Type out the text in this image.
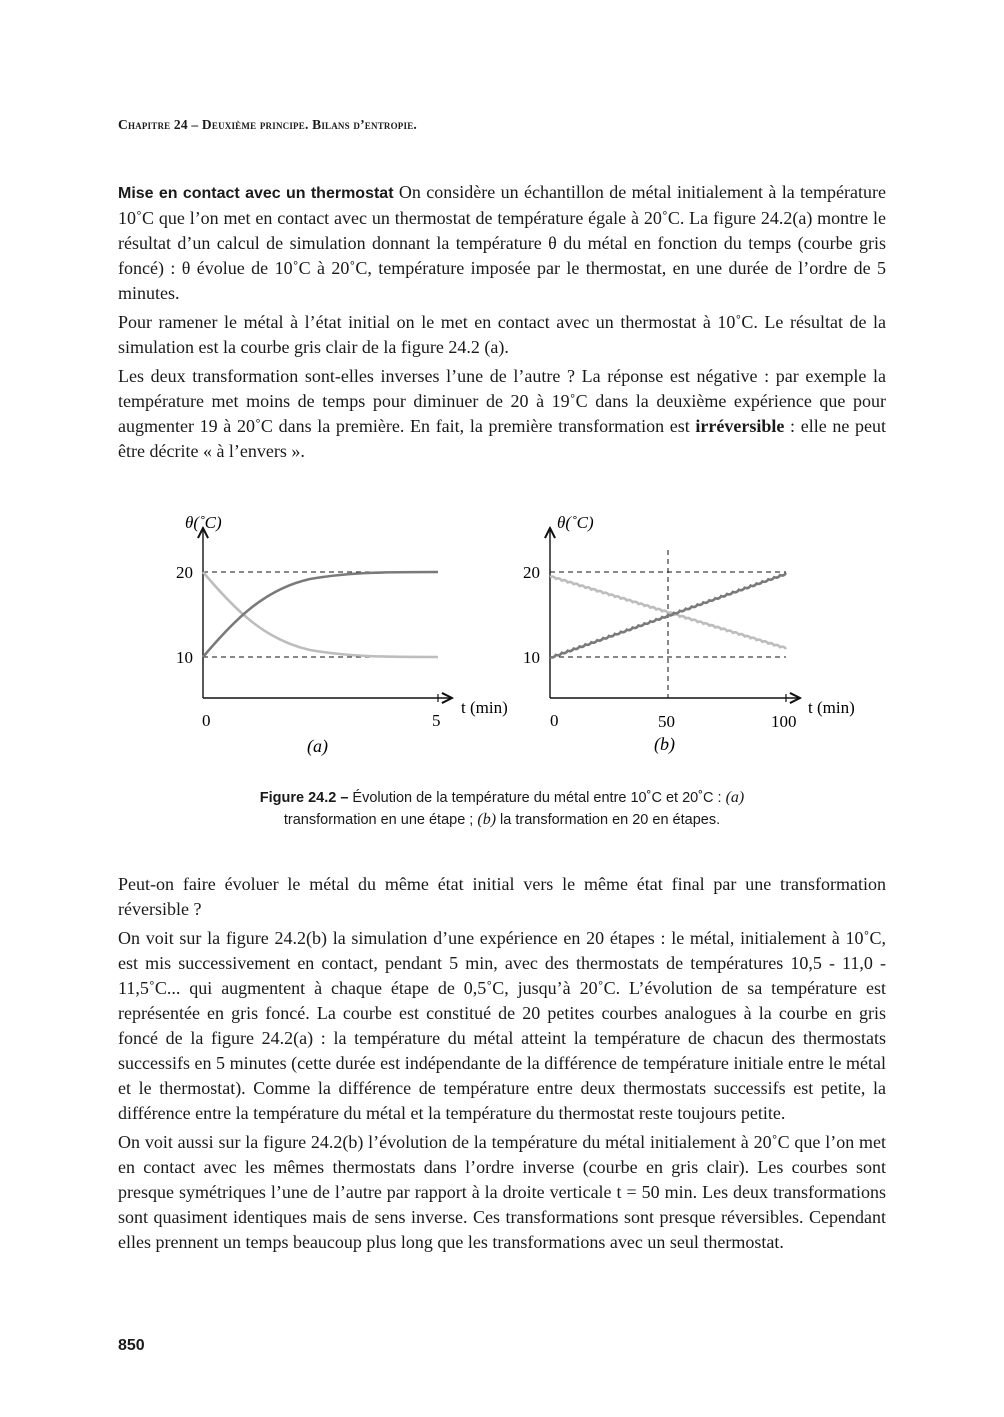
Chapitre 24 – Deuxième principe. Bilans d’entropie.

Mise en contact avec un thermostat On considère un échantillon de métal initialement à la température 10˚C que l’on met en contact avec un thermostat de température égale à 20˚C. La figure 24.2(a) montre le résultat d’un calcul de simulation donnant la température θ du métal en fonction du temps (courbe gris foncé) : θ évolue de 10˚C à 20˚C, température imposée par le thermostat, en une durée de l’ordre de 5 minutes.

Pour ramener le métal à l’état initial on le met en contact avec un thermostat à 10˚C. Le résultat de la simulation est la courbe gris clair de la figure 24.2 (a).

Les deux transformation sont-elles inverses l’une de l’autre ? La réponse est négative : par exemple la température met moins de temps pour diminuer de 20 à 19˚C dans la deuxième expérience que pour augmenter 19 à 20˚C dans la première. En fait, la première transformation est irréversible : elle ne peut être décrite « à l’envers ».

θ(˚C)
20
10
0	5
t (min)
(a)
θ(˚C)
20
10
0	50	100
t (min)
(b)
Figure 24.2 – Évolution de la température du métal entre 10˚C et 20˚C : (a)
transformation en une étape ; (b) la transformation en 20 en étapes.

Peut-on faire évoluer le métal du même état initial vers le même état final par une transformation réversible ?

On voit sur la figure 24.2(b) la simulation d’une expérience en 20 étapes : le métal, initialement à 10˚C, est mis successivement en contact, pendant 5 min, avec des thermostats de températures 10,5 - 11,0 - 11,5˚C... qui augmentent à chaque étape de 0,5˚C, jusqu’à 20˚C. L’évolution de sa température est représentée en gris foncé. La courbe est constitué de 20 petites courbes analogues à la courbe en gris foncé de la figure 24.2(a) : la température du métal atteint la température de chacun des thermostats successifs en 5 minutes (cette durée est indépendante de la différence de température initiale entre le métal et le thermostat). Comme la différence de température entre deux thermostats successifs est petite, la différence entre la température du métal et la température du thermostat reste toujours petite.

On voit aussi sur la figure 24.2(b) l’évolution de la température du métal initialement à 20˚C que l’on met en contact avec les mêmes thermostats dans l’ordre inverse (courbe en gris clair). Les courbes sont presque symétriques l’une de l’autre par rapport à la droite verticale t = 50 min. Les deux transformations sont quasiment identiques mais de sens inverse. Ces transformations sont presque réversibles. Cependant elles prennent un temps beaucoup plus long que les transformations avec un seul thermostat.

850
